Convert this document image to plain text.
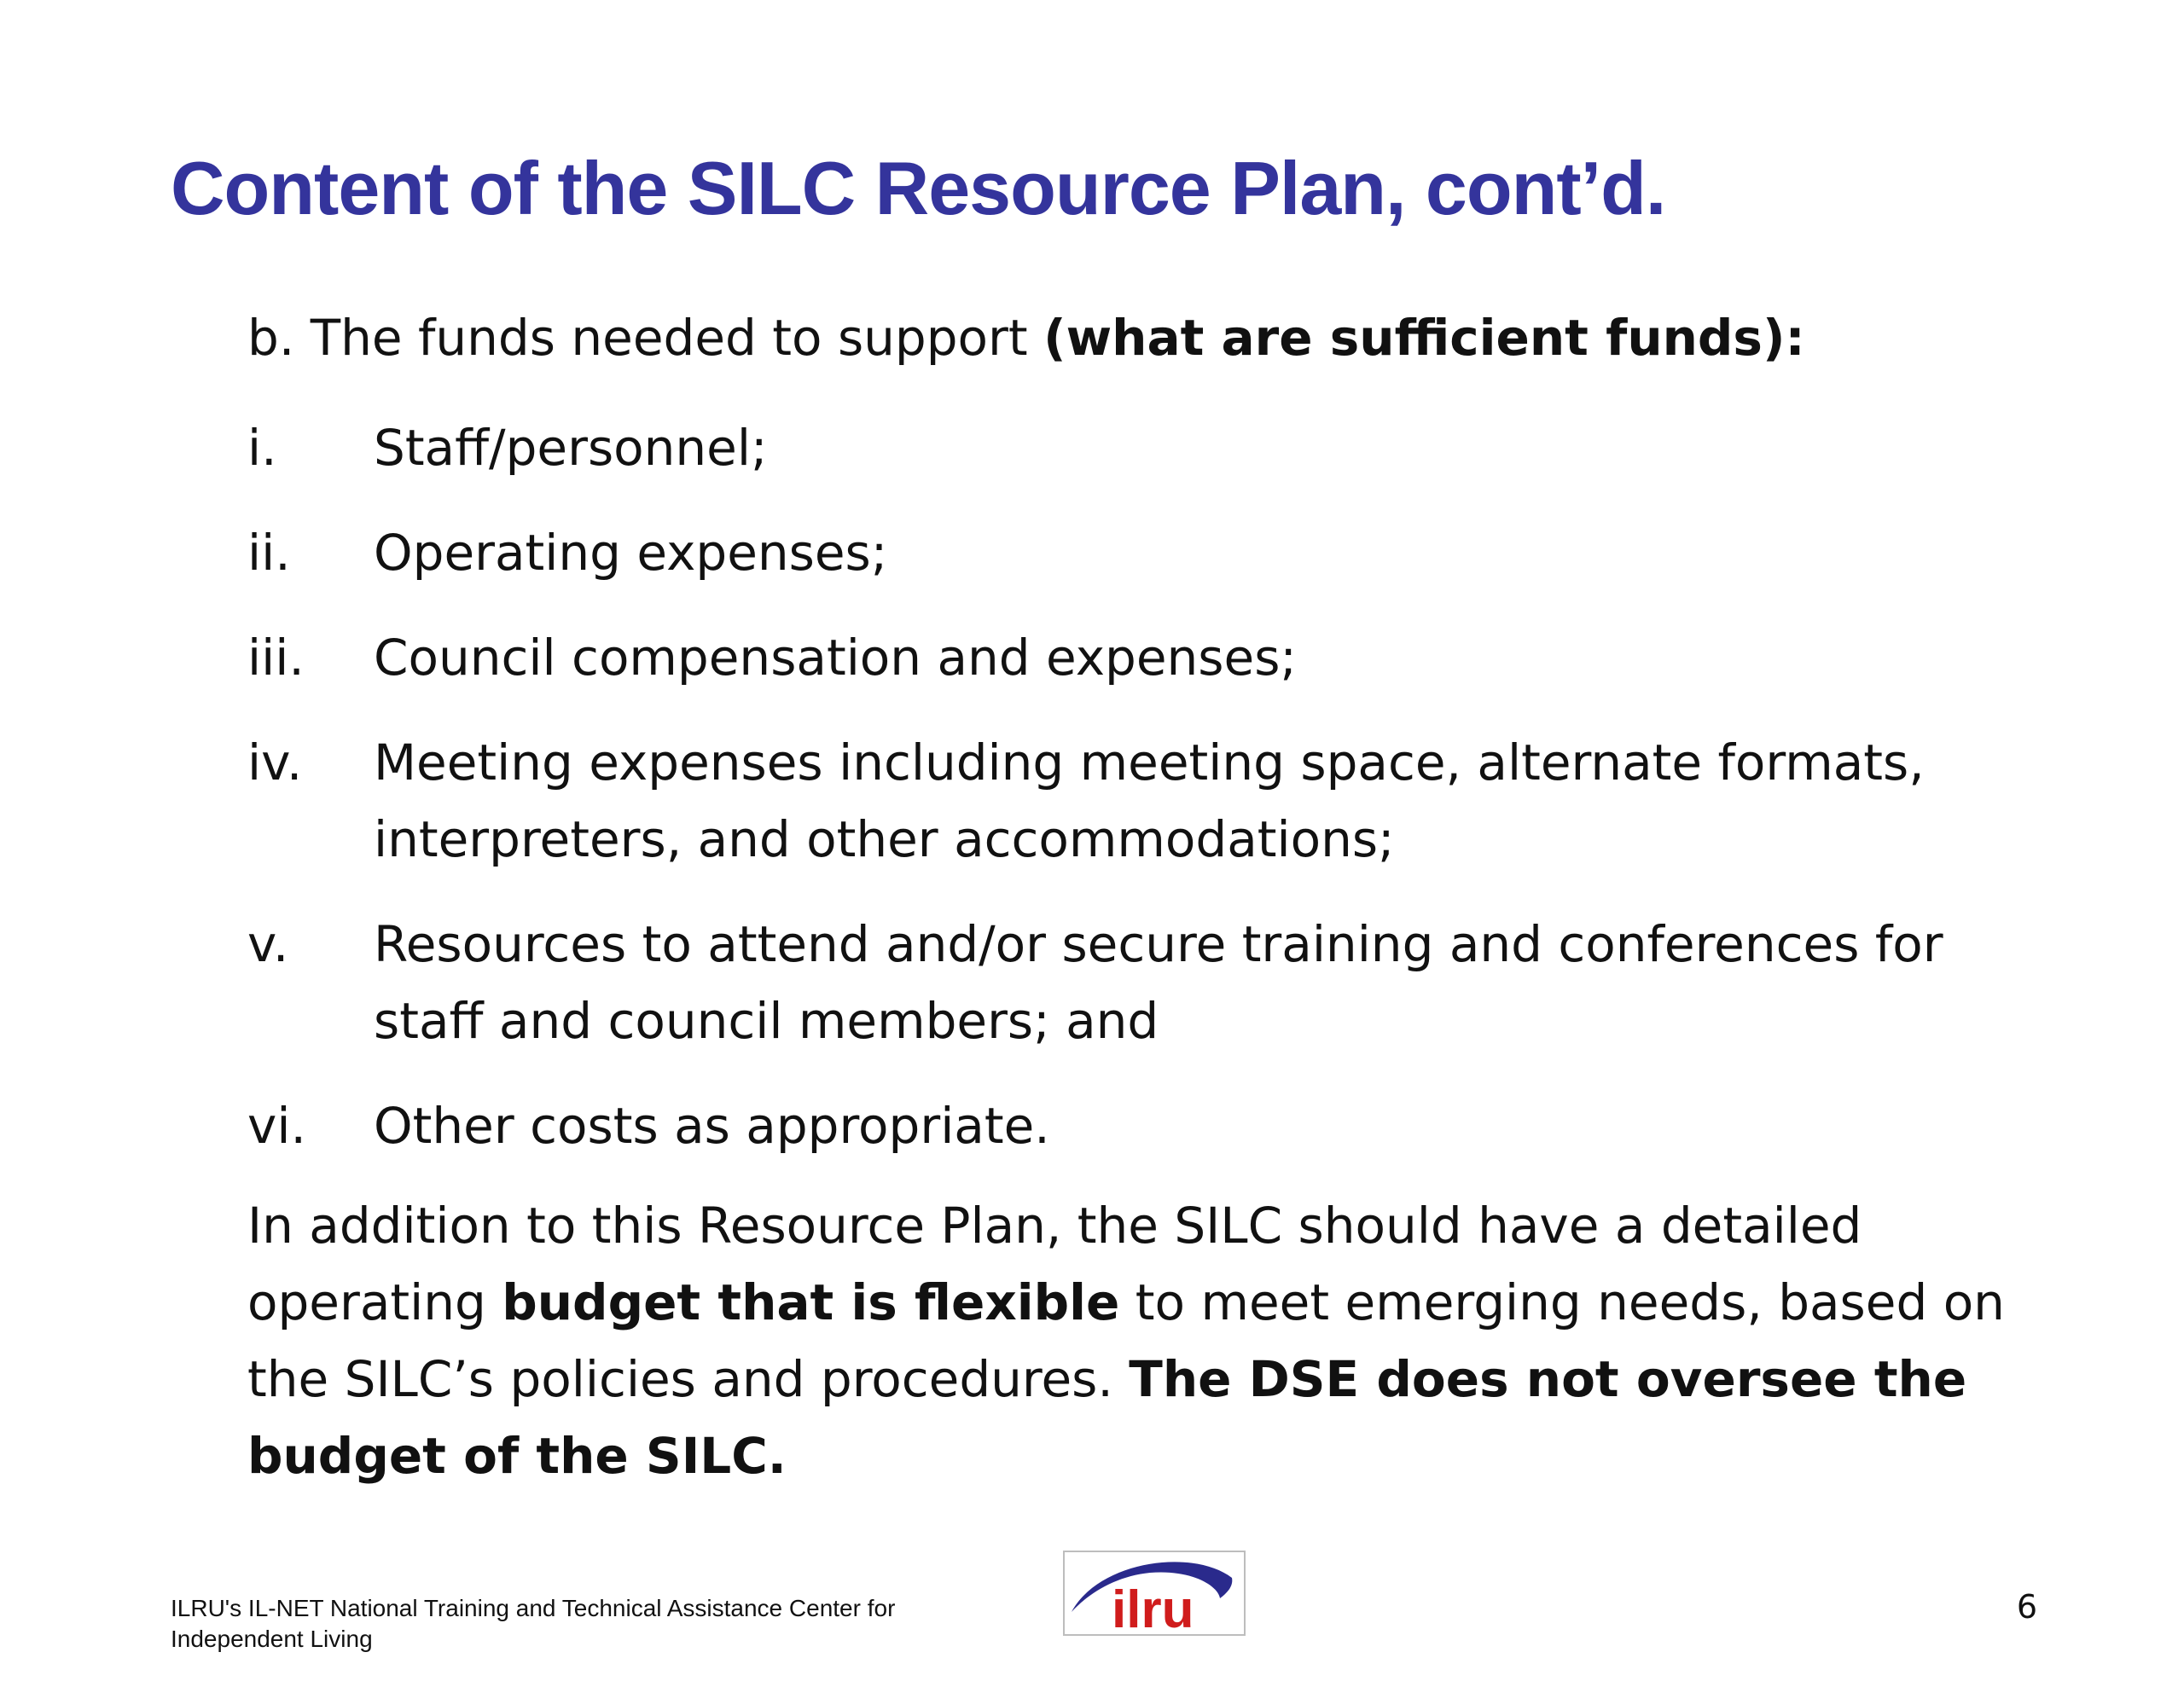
Content of the SILC Resource Plan, cont’d.
b. The funds needed to support (what are sufficient funds):
i.	Staff/personnel;
ii.	Operating expenses;
iii.	Council compensation and expenses;
iv.	Meeting expenses including meeting space, alternate formats, interpreters, and other accommodations;
v.	Resources to attend and/or secure training and conferences for staff and council members; and
vi.	Other costs as appropriate.
In addition to this Resource Plan, the SILC should have a detailed operating budget that is flexible to meet emerging needs, based on the SILC’s policies and procedures. The DSE does not oversee the budget of the SILC.
ILRU's IL-NET National Training and Technical Assistance Center for Independent Living	ilru	6
